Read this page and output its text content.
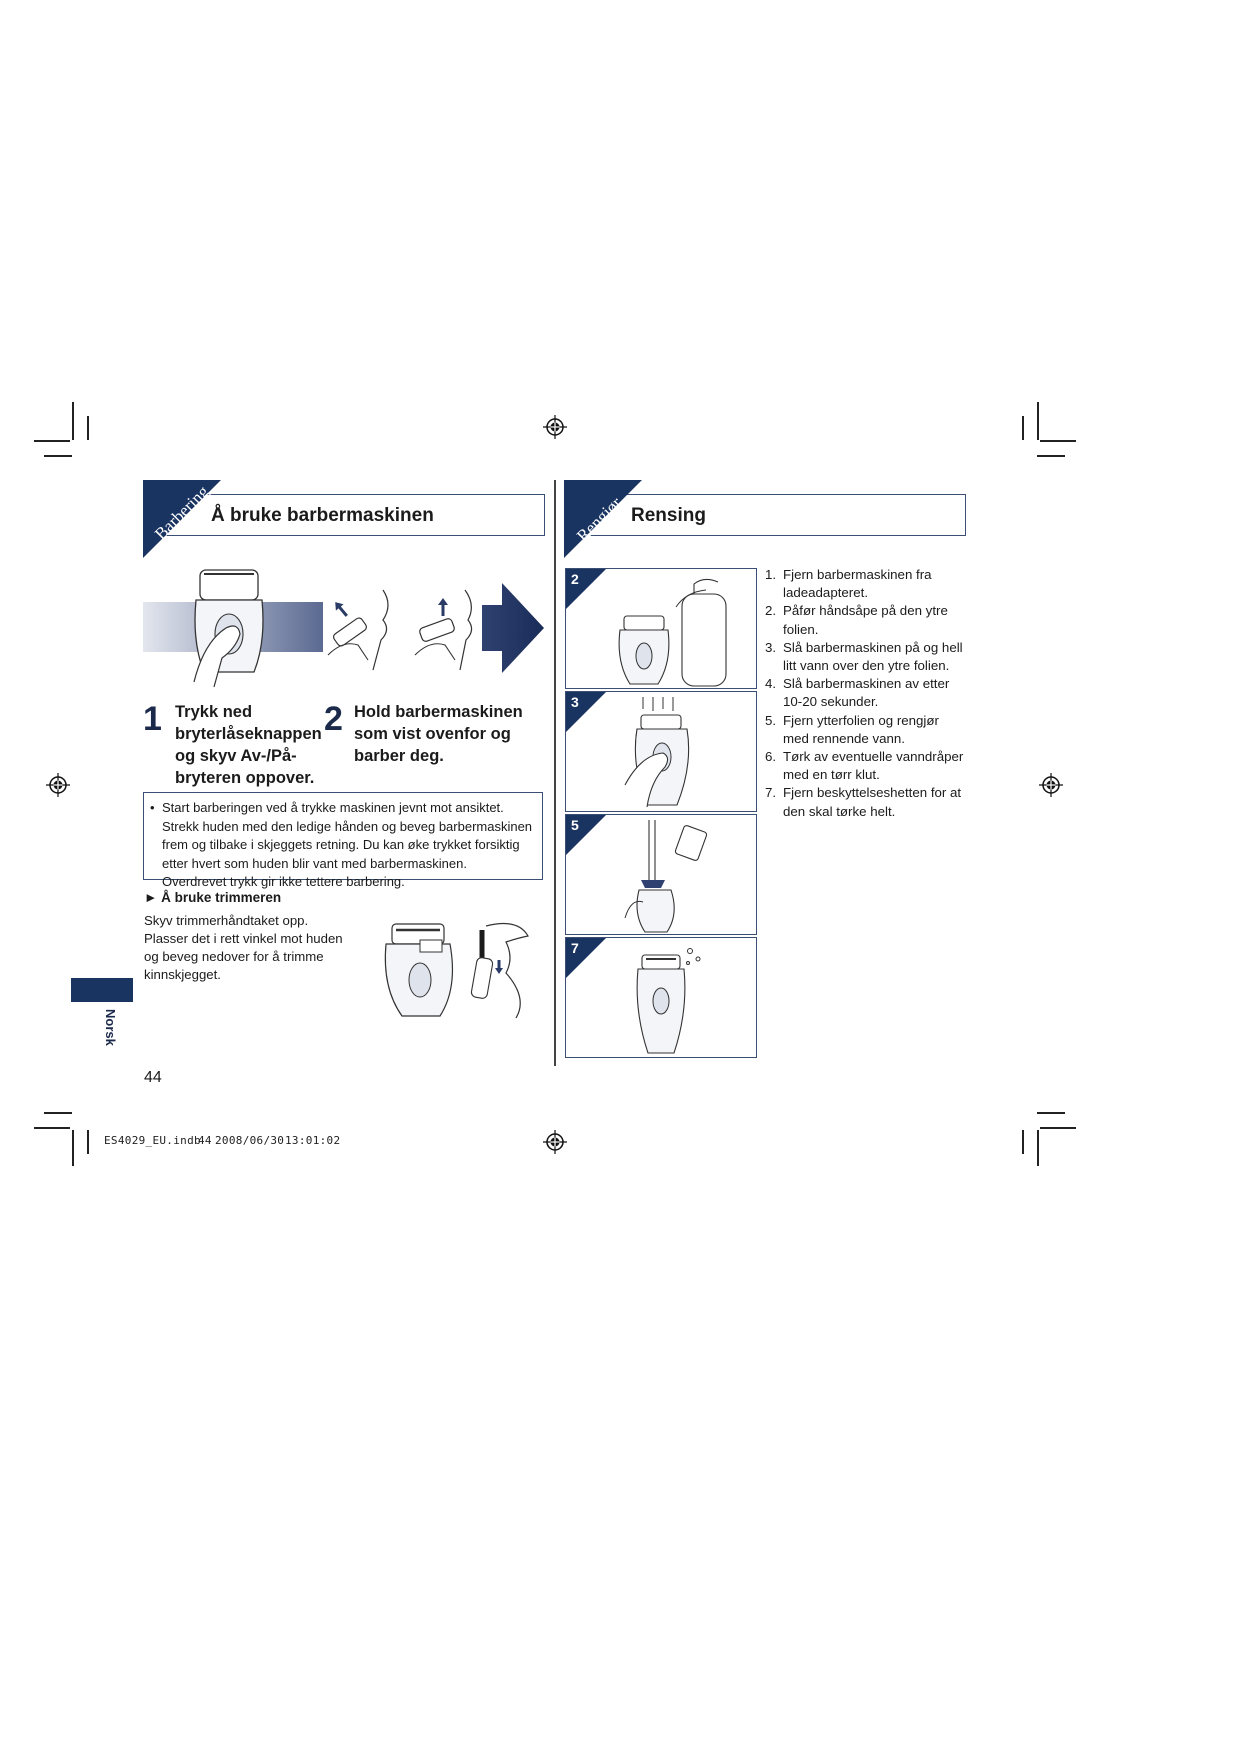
Barbering
Å bruke barbermaskinen
1 Trykk ned bryterlåseknappen og skyv Av-/På-bryteren oppover.
2 Hold barbermaskinen som vist ovenfor og barber deg.
• Start barberingen ved å trykke maskinen jevnt mot ansiktet. Strekk huden med den ledige hånden og beveg barbermaskinen frem og tilbake i skjeggets retning. Du kan øke trykket forsiktig etter hvert som huden blir vant med barbermaskinen. Overdrevet trykk gir ikke tettere barbering.
► Å bruke trimmeren
Skyv trimmerhåndtaket opp. Plasser det i rett vinkel mot huden og beveg nedover for å trimme kinnskjegget.
Norsk
44
Rengjør Rensing
2
3
5
7
1. Fjern barbermaskinen fra ladeadapteret.
2. Påfør håndsåpe på den ytre folien.
3. Slå barbermaskinen på og hell litt vann over den ytre folien.
4. Slå barbermaskinen av etter 10-20 sekunder.
5. Fjern ytterfolien og rengjør med rennende vann.
6. Tørk av eventuelle vanndråper med en tørr klut.
7. Fjern beskyttelseshetten for at den skal tørke helt.
ES4029_EU.indb
44 2008/06/30 13:01:02
